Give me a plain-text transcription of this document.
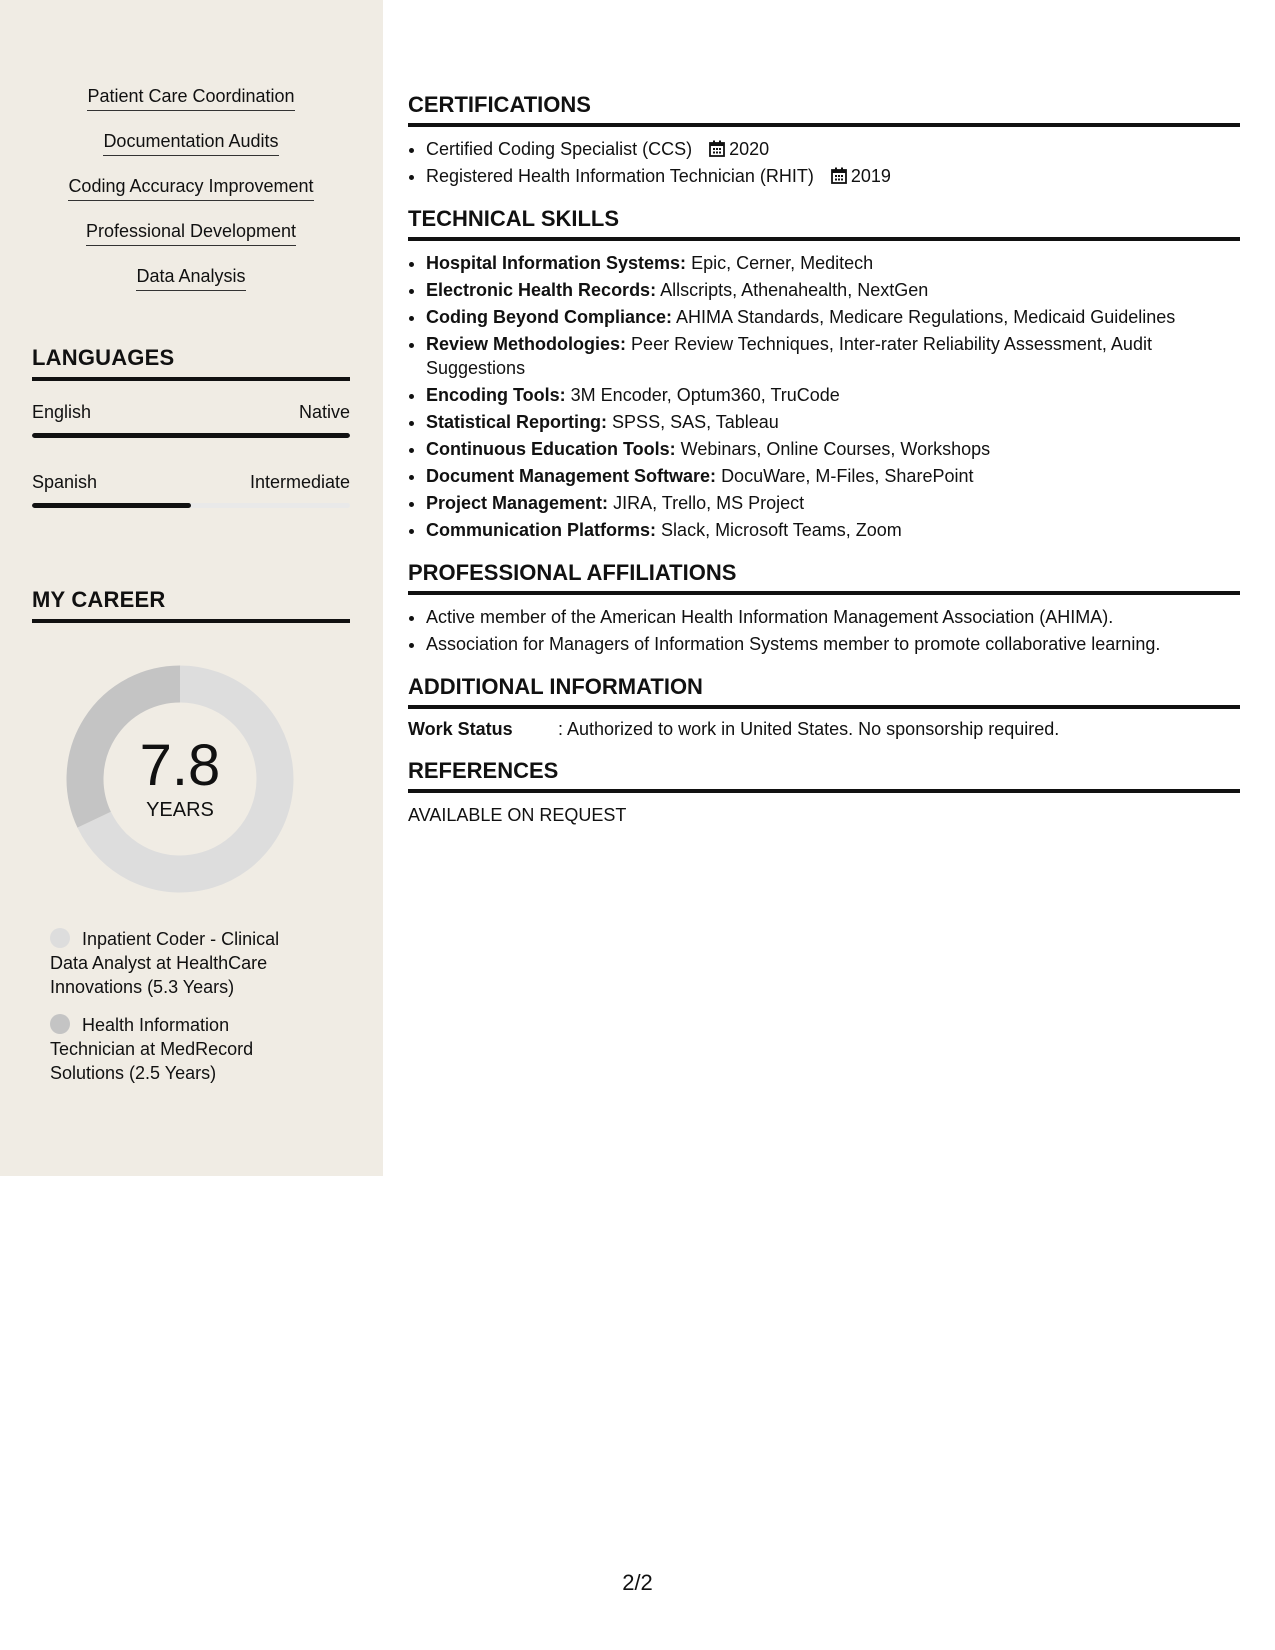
Patient Care Coordination
Documentation Audits
Coding Accuracy Improvement
Professional Development
Data Analysis
LANGUAGES
English	Native
Spanish	Intermediate
MY CAREER
7.8
YEARS
Inpatient Coder - Clinical Data Analyst at HealthCare Innovations (5.3 Years)
Health Information Technician at MedRecord Solutions (2.5 Years)
CERTIFICATIONS
• Certified Coding Specialist (CCS) 2020
• Registered Health Information Technician (RHIT) 2019
TECHNICAL SKILLS
• Hospital Information Systems: Epic, Cerner, Meditech
• Electronic Health Records: Allscripts, Athenahealth, NextGen
• Coding Beyond Compliance: AHIMA Standards, Medicare Regulations, Medicaid Guidelines
• Review Methodologies: Peer Review Techniques, Inter-rater Reliability Assessment, Audit Suggestions
• Encoding Tools: 3M Encoder, Optum360, TruCode
• Statistical Reporting: SPSS, SAS, Tableau
• Continuous Education Tools: Webinars, Online Courses, Workshops
• Document Management Software: DocuWare, M-Files, SharePoint
• Project Management: JIRA, Trello, MS Project
• Communication Platforms: Slack, Microsoft Teams, Zoom
PROFESSIONAL AFFILIATIONS
• Active member of the American Health Information Management Association (AHIMA).
• Association for Managers of Information Systems member to promote collaborative learning.
ADDITIONAL INFORMATION
Work Status	: Authorized to work in United States. No sponsorship required.
REFERENCES
AVAILABLE ON REQUEST
2/2
